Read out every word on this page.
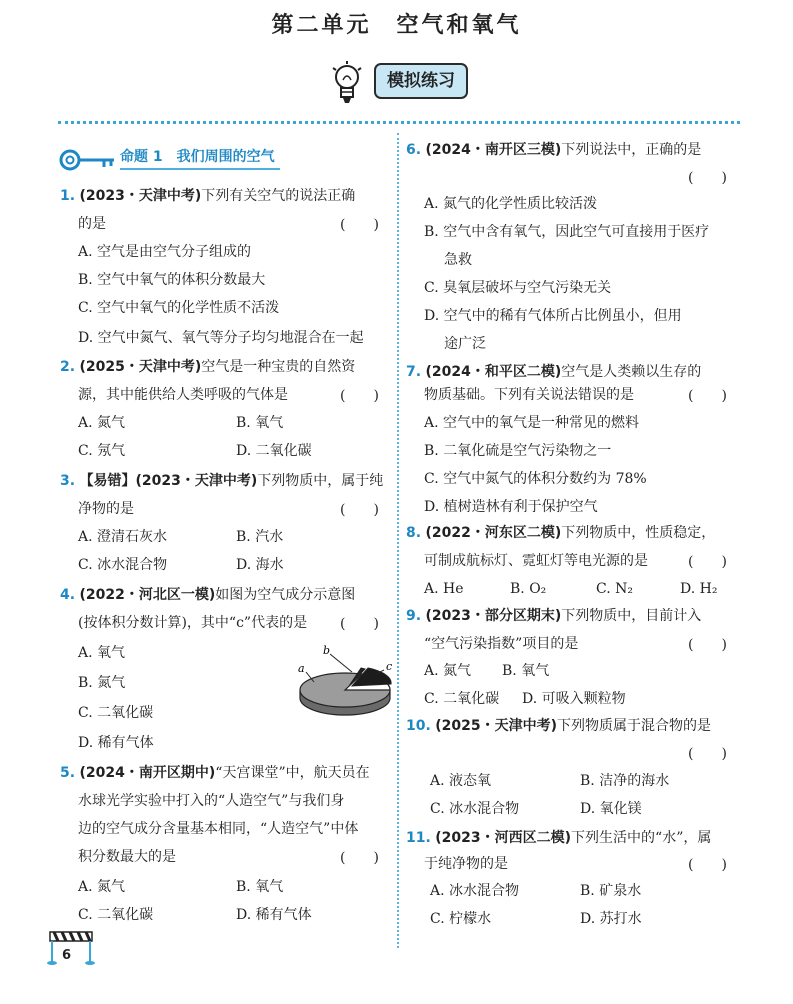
第二单元　空气和氧气
模拟练习
命题 1　我们周围的空气
1. (2023・天津中考)下列有关空气的说法正确
的是	(　　)
A. 空气是由空气分子组成的
B. 空气中氧气的体积分数最大
C. 空气中氧气的化学性质不活泼
D. 空气中氮气、氧气等分子均匀地混合在一起
2. (2025・天津中考)空气是一种宝贵的自然资
源，其中能供给人类呼吸的气体是	(　　)
A. 氮气	B. 氧气
C. 氖气	D. 二氧化碳
3. 【易错】(2023・天津中考)下列物质中，属于纯
净物的是	(　　)
A. 澄清石灰水	B. 汽水
C. 冰水混合物	D. 海水
4. (2022・河北区一模)如图为空气成分示意图
(按体积分数计算)，其中“c”代表的是 (　　)
A. 氧气
B. 氮气
C. 二氧化碳
D. 稀有气体
a
b
c
5. (2024・南开区期中)“天宫课堂”中，航天员在
水球光学实验中打入的“人造空气”与我们身
边的空气成分含量基本相同，“人造空气”中体
积分数最大的是	(　　)
A. 氮气	B. 氧气
C. 二氧化碳	D. 稀有气体
6. (2024・南开区三模)下列说法中，正确的是
(　　)
A. 氮气的化学性质比较活泼
B. 空气中含有氧气，因此空气可直接用于医疗
急救
C. 臭氧层破坏与空气污染无关
D. 空气中的稀有气体所占比例虽小，但用
途广泛
7. (2024・和平区二模)空气是人类赖以生存的
物质基础。下列有关说法错误的是	(　　)
A. 空气中的氧气是一种常见的燃料
B. 二氧化硫是空气污染物之一
C. 空气中氮气的体积分数约为 78%
D. 植树造林有利于保护空气
8. (2022・河东区二模)下列物质中，性质稳定，
可制成航标灯、霓虹灯等电光源的是	(　　)
A. He	B. O₂	C. N₂	D. H₂
9. (2023・部分区期末)下列物质中，目前计入
“空气污染指数”项目的是	(　　)
A. 氮气 B. 氧气
C. 二氧化碳 D. 可吸入颗粒物
10. (2025・天津中考)下列物质属于混合物的是
(　　)
A. 液态氧	B. 洁净的海水
C. 冰水混合物	D. 氧化镁
11. (2023・河西区二模)下列生活中的“水”，属
于纯净物的是	(　　)
A. 冰水混合物	B. 矿泉水
C. 柠檬水	D. 苏打水
6
